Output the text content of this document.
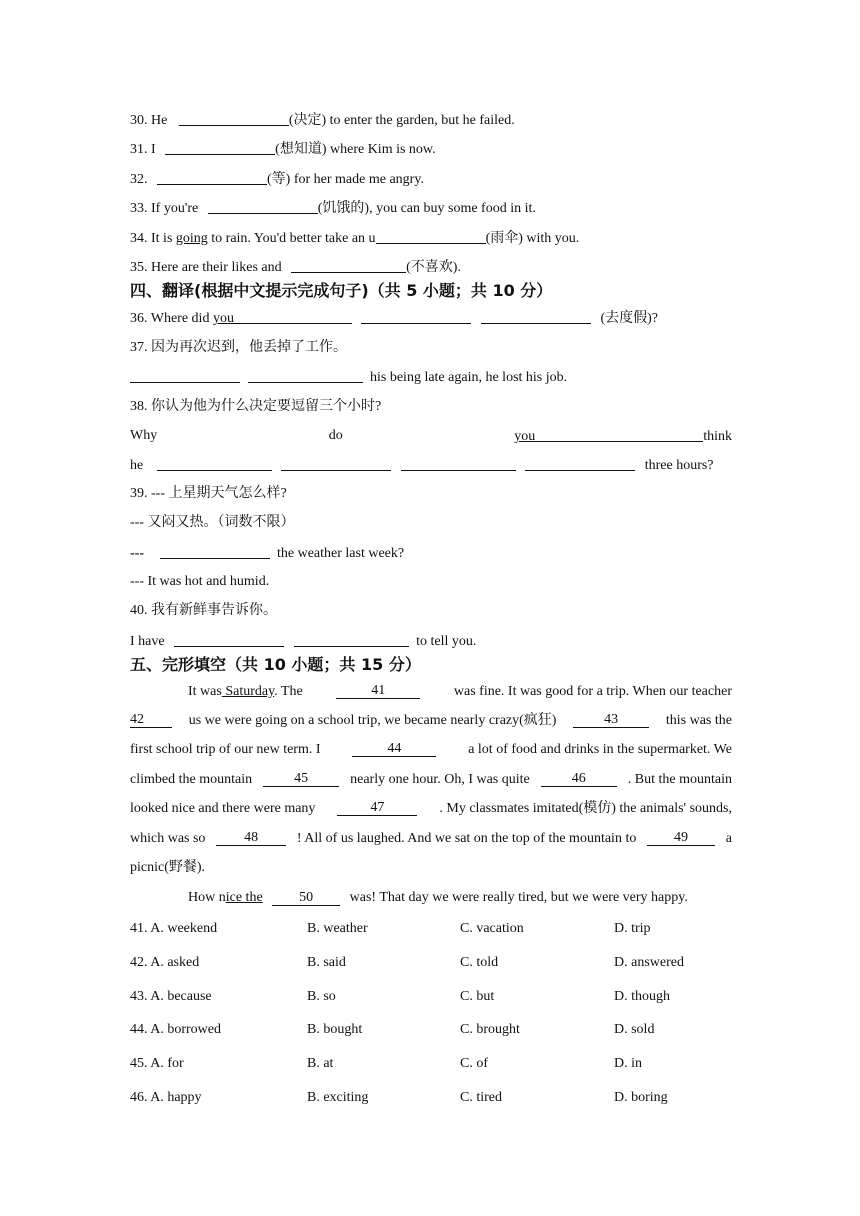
30. He	(决定) to enter the garden, but he failed.
31. I	(想知道) where Kim is now.
32.	(等) for her made me angry.
33. If you're	(饥饿的), you can buy some food in it.
34. It is going to rain. You'd better take an u	(雨伞) with you.
35. Here are their likes and	(不喜欢).
四、翻译(根据中文提示完成句子)（共 5 小题；共 10 分）
36. Where did you	(去度假)?
37. 因为再次迟到，他丢掉了工作。
his being late again, he lost his job.
38. 你认为他为什么决定要逗留三个小时?
Why	do	you	think
he	three hours?
39. --- 上星期天气怎么样?
--- 又闷又热。（词数不限）
---	the weather last week?
--- It was hot and humid.
40. 我有新鲜事告诉你。
I have	to tell you.
五、完形填空（共 10 小题；共 15 分）
It was Saturday. The	41	was fine. It was good for a trip. When our teacher
42	us we were going on a school trip, we became nearly crazy(疯狂)	43	this was the
first school trip of our new term. I	44	a lot of food and drinks in the supermarket. We
climbed the mountain	45	nearly one hour. Oh, I was quite	46	. But the mountain
looked nice and there were many	47	. My classmates imitated(模仿) the animals' sounds,
which was so	48	! All of us laughed. And we sat on the top of the mountain to	49	a
picnic(野餐).
How nice the	50	was! That day we were really tired, but we were very happy.
41. A. weekend	B. weather	C. vacation	D. trip
42. A. asked	B. said	C. told	D. answered
43. A. because	B. so	C. but	D. though
44. A. borrowed	B. bought	C. brought	D. sold
45. A. for	B. at	C. of	D. in
46. A. happy	B. exciting	C. tired	D. boring
